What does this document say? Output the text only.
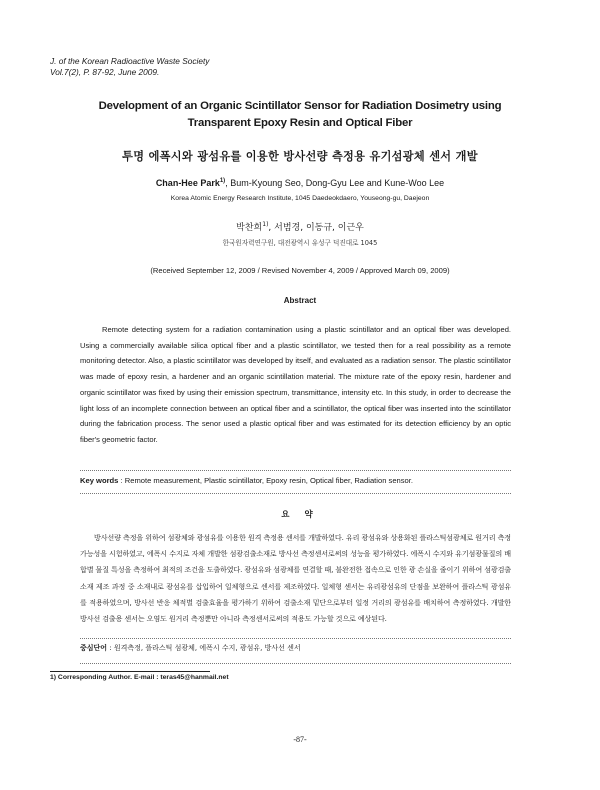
J. of the Korean Radioactive Waste Society
Vol.7(2), P. 87-92, June 2009.
Development of an Organic Scintillator Sensor for Radiation Dosimetry using
Transparent Epoxy Resin and Optical Fiber
투명 에폭시와 광섬유를 이용한 방사선량 측정용 유기섬광체 센서 개발
Chan-Hee Park$^{1)}$, Bum-Kyoung Seo, Dong-Gyu Lee and Kune-Woo Lee
Korea Atomic Energy Research Institute, 1045 Daedeokdaero, Youseong-gu, Daejeon
박찬희$^{1)}$, 서범경, 이동규, 이근우
한국원자력연구원, 대전광역시 유성구 덕진대로 1045
(Received September 12, 2009 / Revised November 4, 2009 / Approved March 09, 2009)
Abstract

Remote detecting system for a radiation contamination using a plastic scintillator and an optical fiber was developed. Using a commercially available silica optical fiber and a plastic scintillator, we tested then for a real possibility as a remote monitoring detector. Also, a plastic scintillator was developed by itself, and evaluated as a radiation sensor. The plastic scintillator was made of epoxy resin, a hardener and an organic scintillation material. The mixture rate of the epoxy resin, hardener and organic scintillator was fixed by using their emission spectrum, transmittance, intensity etc. In this study, in order to decrease the light loss of an incomplete connection between an optical fiber and a scintillator, the optical fiber was inserted into the scintillator during the fabrication process. The senor used a plastic optical fiber and was estimated for its detection efficiency by an optic fiber's geometric factor.

Key words : Remote measurement, Plastic scintillator, Epoxy resin, Optical fiber, Radiation sensor.
요 약

방사선량 측정을 위하여 섬광체와 광섬유를 이용한 원격 측정용 센서를 개발하였다. 유리 광섬유와 상용화된 플라스틱섬광체로 원거리 측정 가능성을 시험하였고, 에폭시 수지로 자체 개발한 섬광검출소재로 방사선 측정센서로써의 성능을 평가하였다. 에폭시 수지와 유기섬광물질의 배합별 물질 특성을 측정하여 최적의 조건을 도출하였다. 광섬유와 섬광체를 연결할 때, 불완전한 접속으로 인한 광 손실을 줄이기 위하여 섬광검출소재 제조 과정 중 소재내로 광섬유를 삽입하여 일체형으로 센서를 제조하였다. 일체형 센서는 유리광섬유의 단점을 보완하여 플라스틱 광섬유를 적용하였으며, 방사선 반응 체적별 검출효율을 평가하기 위하여 검출소재 밑단으로부터 일정 거리의 광섬유를 배치하여 측정하였다. 개발한 방사선 검출용 센서는 오염도 원거리 측정뿐만 아니라 측정센서로써의 적용도 가능할 것으로 예상된다.

중심단어 : 원격측정, 플라스틱 섬광체, 에폭시 수지, 광섬유, 방사선 센서
1) Corresponding Author. E-mail : teras45@hanmail.net
-87-
